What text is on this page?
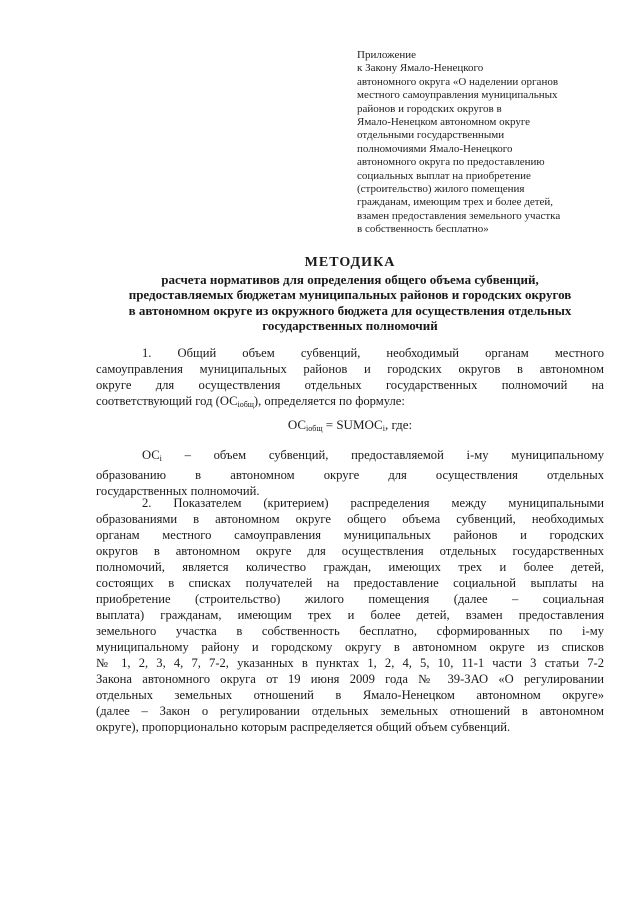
Приложение
к Закону Ямало-Ненецкого
автономного округа «О наделении органов
местного самоуправления муниципальных
районов и городских округов в
Ямало-Ненецком автономном округе
отдельными государственными
полномочиями Ямало-Ненецкого
автономного округа по предоставлению
социальных выплат на приобретение
(строительство) жилого помещения
гражданам, имеющим трех и более детей,
взамен предоставления земельного участка
в собственность бесплатно»
МЕТОДИКА
расчета нормативов для определения общего объема субвенций,
предоставляемых бюджетам муниципальных районов и городских округов
в автономном округе из окружного бюджета для осуществления отдельных
государственных полномочий
1. Общий объем субвенций, необходимый органам местного
самоуправления муниципальных районов и городских округов в автономном
округе для осуществления отдельных государственных полномочий на
соответствующий год $(ОС_{iобщ})$, определяется по формуле:
$ОС_{iобщ}$ = $SUMОС_i$, где:
$ОС_i$ – объем субвенций, предоставляемой i-му муниципальному
образованию в автономном округе для осуществления отдельных
государственных полномочий.
2. Показателем (критерием) распределения между муниципальными
образованиями в автономном округе общего объема субвенций, необходимых
органам местного самоуправления муниципальных районов и городских
округов в автономном округе для осуществления отдельных государственных
полномочий, является количество граждан, имеющих трех и более детей,
состоящих в списках получателей на предоставление социальной выплаты на
приобретение (строительство) жилого помещения (далее – социальная
выплата) гражданам, имеющим трех и более детей, взамен предоставления
земельного участка в собственность бесплатно, сформированных по i-му
муниципальному району и городскому округу в автономном округе из списков
№ 1, 2, 3, 4, 7, 7-2, указанных в пунктах 1, 2, 4, 5, 10, 11-1 части 3 статьи 7-2
Закона автономного округа от 19 июня 2009 года № 39-ЗАО «О регулировании
отдельных земельных отношений в Ямало-Ненецком автономном округе»
(далее – Закон о регулировании отдельных земельных отношений в автономном
округе), пропорционально которым распределяется общий объем субвенций.
